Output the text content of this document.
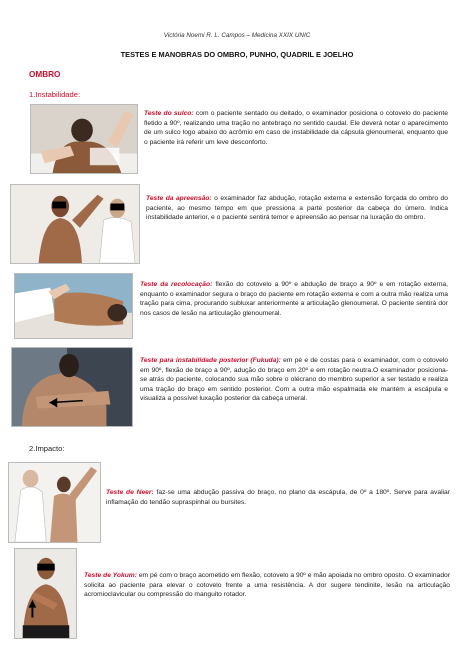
Victória Noemi R. L. Campos – Medicina XXIX UNIC
TESTES E MANOBRAS DO OMBRO, PUNHO, QUADRIL E JOELHO
OMBRO
1.Instabilidade:
Teste do sulco: com o paciente sentado ou deitado, o examinador posiciona o cotovelo do paciente fletido a 90º, realizando uma tração no antebraço no sentido caudal. Ele deverá notar o aparecimento de um sulco logo abaixo do acrômio em caso de instabilidade da cápsula glenoumeral, enquanto que o paciente irá referir um leve desconforto.
Teste da apreensão: o examinador faz abdução, rotação externa e extensão forçada do ombro do paciente, ao mesmo tempo em que pressiona a parte posterior da cabeça do úmero. Indica instabilidade anterior, e o paciente sentirá temor e apreensão ao pensar na luxação do ombro.
Teste da recolocação: flexão do cotovelo a 90º e abdução de braço a 90º e em rotação externa, enquanto o examinador segura o braço do paciente em rotação externa e com a outra mão realiza uma tração para cima, procurando subluxar anteriormente a articulação glenoumeral. O paciente sentirá dor nos casos de lesão na articulação glenoumeral.
Teste para instabilidade posterior (Fukuda): em pé e de costas para o examinador, com o cotovelo em 90º, flexão de braço a 90º, adução do braço em 20º e em rotação neutra.O examinador posiciona-se atrás do paciente, colocando sua mão sobre o olécrano do membro superior a ser testado e realiza uma tração do braço em sentido posterior. Com a outra mão espalmada ele mantém a escápula e visualiza a possível luxação posterior da cabeça umeral.
2.Impacto:
Teste de Neer: faz-se uma abdução passiva do braço, no plano da escápula, de 0º a 180º. Serve para avaliar inflamação do tendão supraspinhal ou bursites.
Teste de Yokum: em pé com o braço acometido em flexão, cotovelo a 90º e mão apoiada no ombro oposto. O examinador solicita ao paciente para elevar o cotovelo frente a uma resistência. A dor sugere tendinite, lesão na articulação acromioclavicular ou compressão do manguito rotador.
